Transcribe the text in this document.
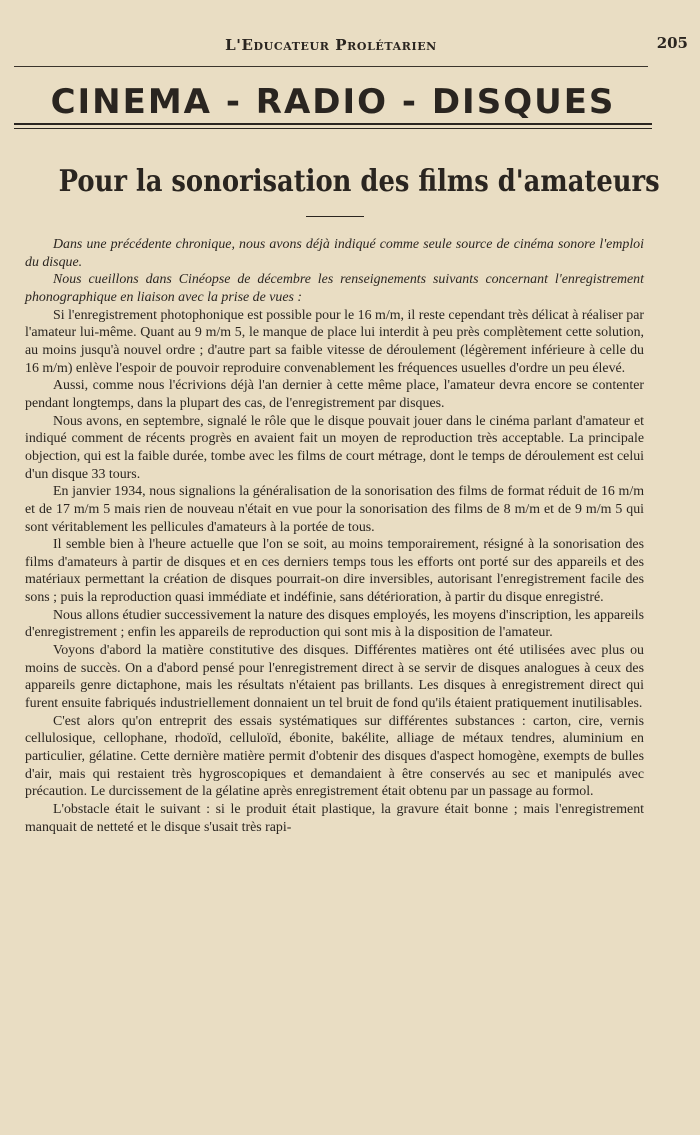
L'Educateur Prolétarien	205
CINEMA - RADIO - DISQUES
Pour la sonorisation des films d'amateurs

Dans une précédente chronique, nous avons déjà indiqué comme seule source de cinéma sonore l'emploi du disque.

Nous cueillons dans Cinéopse de décembre les renseignements suivants concernant l'enregistrement phonographique en liaison avec la prise de vues :

Si l'enregistrement photophonique est possible pour le 16 m/m, il reste cependant très délicat à réaliser par l'amateur lui-même. Quant au 9 m/m 5, le manque de place lui interdit à peu près complètement cette solution, au moins jusqu'à nouvel ordre ; d'autre part sa faible vitesse de déroulement (légèrement inférieure à celle du 16 m/m) enlève l'espoir de pouvoir reproduire convenablement les fréquences usuelles d'ordre un peu élevé.

Aussi, comme nous l'écrivions déjà l'an dernier à cette même place, l'amateur devra encore se contenter pendant longtemps, dans la plupart des cas, de l'enregistrement par disques.

Nous avons, en septembre, signalé le rôle que le disque pouvait jouer dans le cinéma parlant d'amateur et indiqué comment de récents progrès en avaient fait un moyen de reproduction très acceptable. La principale objection, qui est la faible durée, tombe avec les films de court métrage, dont le temps de déroulement est celui d'un disque 33 tours.

En janvier 1934, nous signalions la généralisation de la sonorisation des films de format réduit de 16 m/m et de 17 m/m 5 mais rien de nouveau n'était en vue pour la sonorisation des films de 8 m/m et de 9 m/m 5 qui sont véritablement les pellicules d'amateurs à la portée de tous.

Il semble bien à l'heure actuelle que l'on se soit, au moins temporairement, résigné à la sonorisation des films d'amateurs à partir de disques et en ces derniers temps tous les efforts ont porté sur des appareils et des matériaux permettant la création de disques pourrait-on dire inversibles, autorisant l'enregistrement facile des sons ; puis la reproduction quasi immédiate et indéfinie, sans détérioration, à partir du disque enregistré.

Nous allons étudier successivement la nature des disques employés, les moyens d'inscription, les appareils d'enregistrement ; enfin les appareils de reproduction qui sont mis à la disposition de l'amateur.

Voyons d'abord la matière constitutive des disques. Différentes matières ont été utilisées avec plus ou moins de succès. On a d'abord pensé pour l'enregistrement direct à se servir de disques analogues à ceux des appareils genre dictaphone, mais les résultats n'étaient pas brillants. Les disques à enregistrement direct qui furent ensuite fabriqués industriellement donnaient un tel bruit de fond qu'ils étaient pratiquement inutilisables.

C'est alors qu'on entreprit des essais systématiques sur différentes substances : carton, cire, vernis cellulosique, cellophane, rhodoïd, celluloïd, ébonite, bakélite, alliage de métaux tendres, aluminium en particulier, gélatine. Cette dernière matière permit d'obtenir des disques d'aspect homogène, exempts de bulles d'air, mais qui restaient très hygroscopiques et demandaient à être conservés au sec et manipulés avec précaution. Le durcissement de la gélatine après enregistrement était obtenu par un passage au formol.

L'obstacle était le suivant : si le produit était plastique, la gravure était bonne ; mais l'enregistrement manquait de netteté et le disque s'usait très rapi-
